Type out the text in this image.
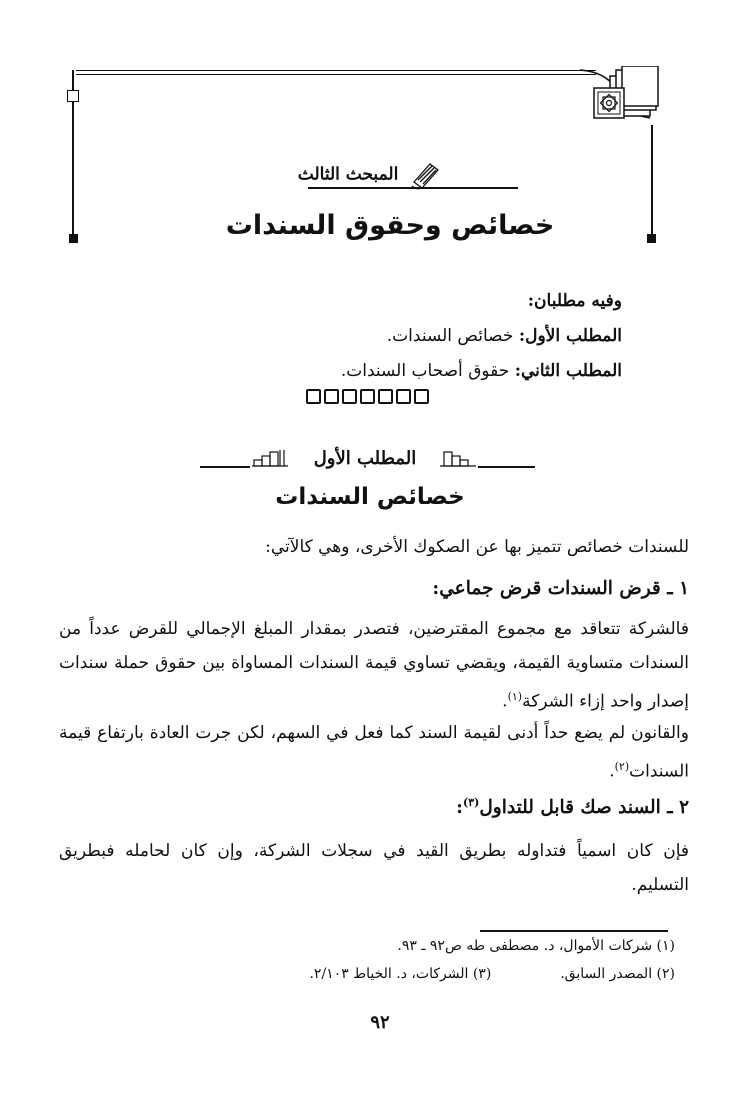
المبحث الثالث
خصائص وحقوق السندات
وفيه مطلبان:
المطلب الأول: خصائص السندات.
المطلب الثاني: حقوق أصحاب السندات.
المطلب الأول
خصائص السندات
للسندات خصائص تتميز بها عن الصكوك الأخرى، وهي كالآتي:
١ ـ قرض السندات قرض جماعي:
فالشركة تتعاقد مع مجموع المقترضين، فتصدر بمقدار المبلغ الإجمالي للقرض عدداً من السندات متساوية القيمة، ويقضي تساوي قيمة السندات المساواة بين حقوق حملة سندات إصدار واحد إزاء الشركة$^{(١)}$.
والقانون لم يضع حداً أدنى لقيمة السند كما فعل في السهم، لكن جرت العادة بارتفاع قيمة السندات$^{(٢)}$.
٢ ـ السند صك قابل للتداول$^{(٣)}$:
فإن كان اسمياً فتداوله بطريق القيد في سجلات الشركة، وإن كان لحامله فبطريق التسليم.
(١) شركات الأموال، د. مصطفى طه ص٩٢ ـ ٩٣.
(٢) المصدر السابق.  (٣) الشركات، د. الخياط ٢/١٠٣.
٩٢
